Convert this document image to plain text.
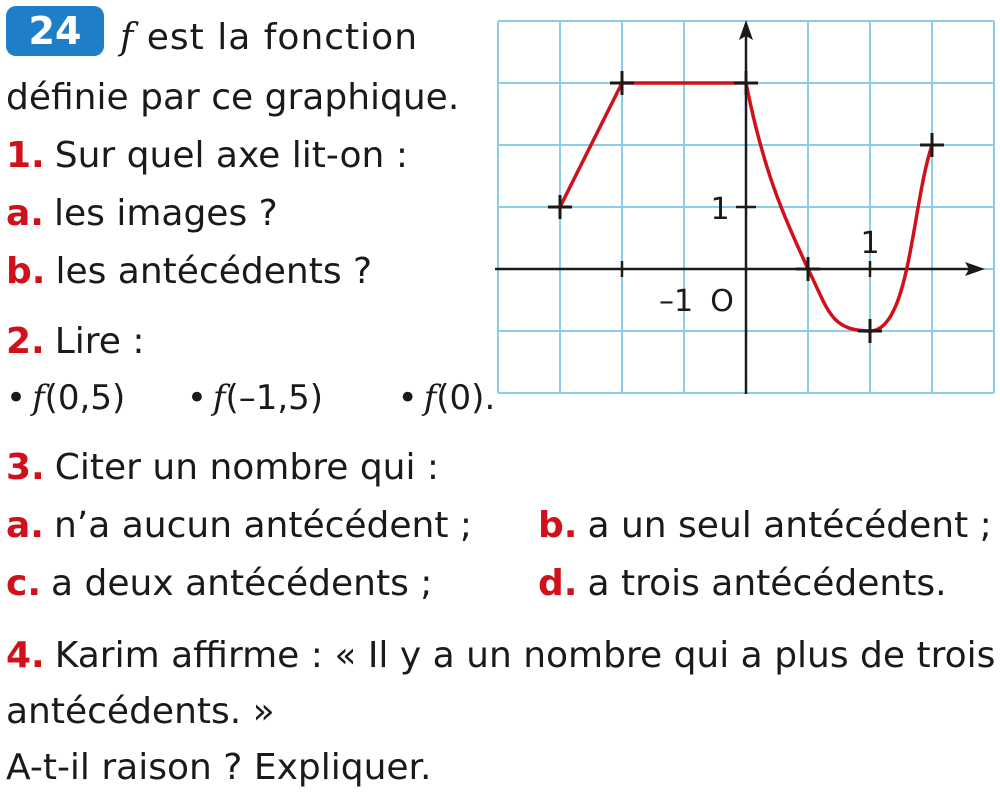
24	f est la fonction
définie par ce graphique.
1. Sur quel axe lit-on :
a. les images ?
b. les antécédents ?
2. Lire :
• f(0,5) • f(–1,5) • f(0).
3. Citer un nombre qui :
a. n’a aucun antécédent ; b. a un seul antécédent ;
c. a deux antécédents ;	d. a trois antécédents.
4. Karim affirme : « Il y a un nombre qui a plus de trois
antécédents. »
A-t-il raison ? Expliquer.
–1
1
1
O
